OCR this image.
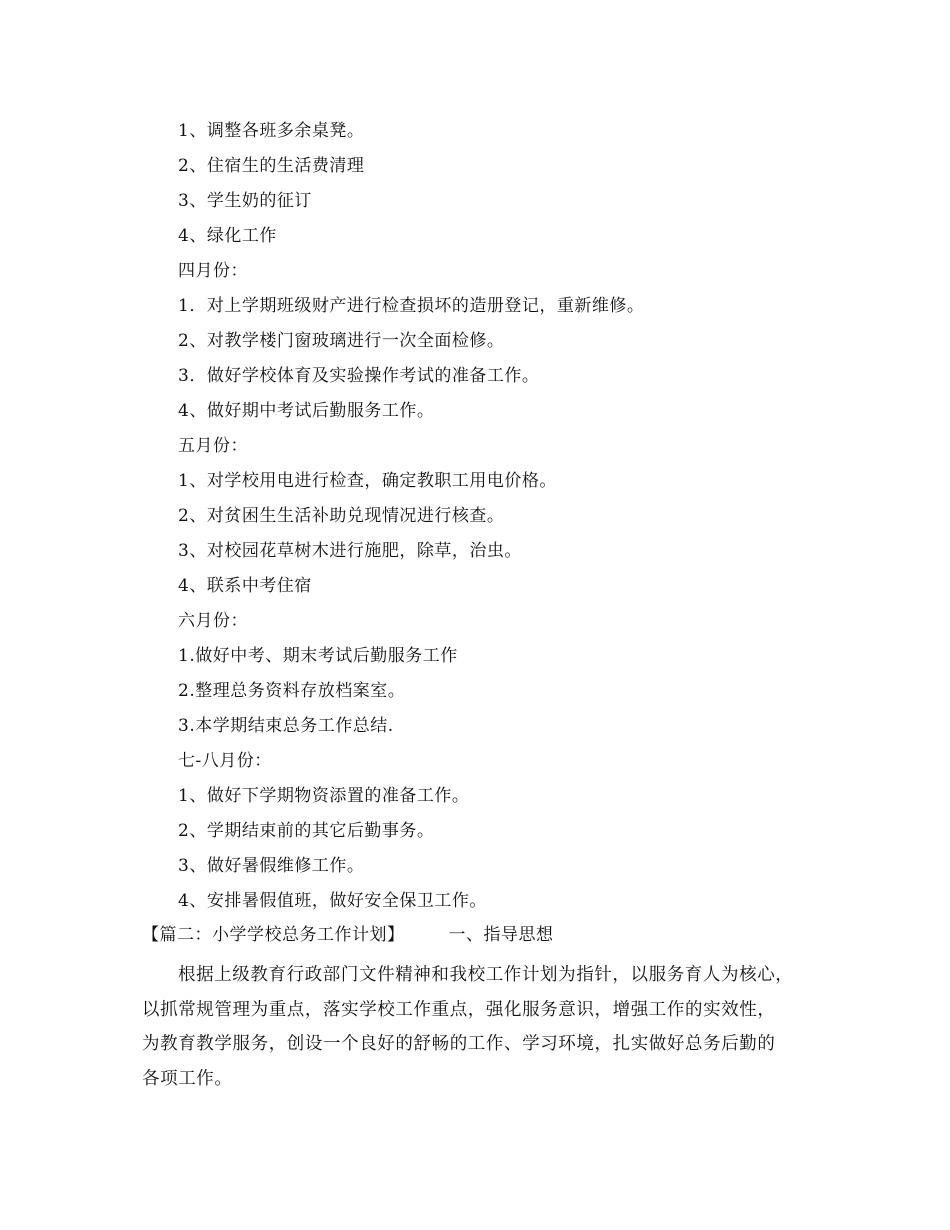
1、调整各班多余桌凳。
2、住宿生的生活费清理
3、学生奶的征订
4、绿化工作
四月份：
1．对上学期班级财产进行检查损坏的造册登记，重新维修。
2、对教学楼门窗玻璃进行一次全面检修。
3．做好学校体育及实验操作考试的准备工作。
4、做好期中考试后勤服务工作。
五月份：
1、对学校用电进行检查，确定教职工用电价格。
2、对贫困生生活补助兑现情况进行核查。
3、对校园花草树木进行施肥，除草，治虫。
4、联系中考住宿
六月份：
1.做好中考、期末考试后勤服务工作
2.整理总务资料存放档案室。
3.本学期结束总务工作总结.
七-八月份：
1、做好下学期物资添置的准备工作。
2、学期结束前的其它后勤事务。
3、做好暑假维修工作。
4、安排暑假值班，做好安全保卫工作。
【篇二：小学学校总务工作计划】	一、指导思想
根据上级教育行政部门文件精神和我校工作计划为指针，以服务育人为核心，
以抓常规管理为重点，落实学校工作重点，强化服务意识，增强工作的实效性，
为教育教学服务，创设一个良好的舒畅的工作、学习环境，扎实做好总务后勤的
各项工作。
